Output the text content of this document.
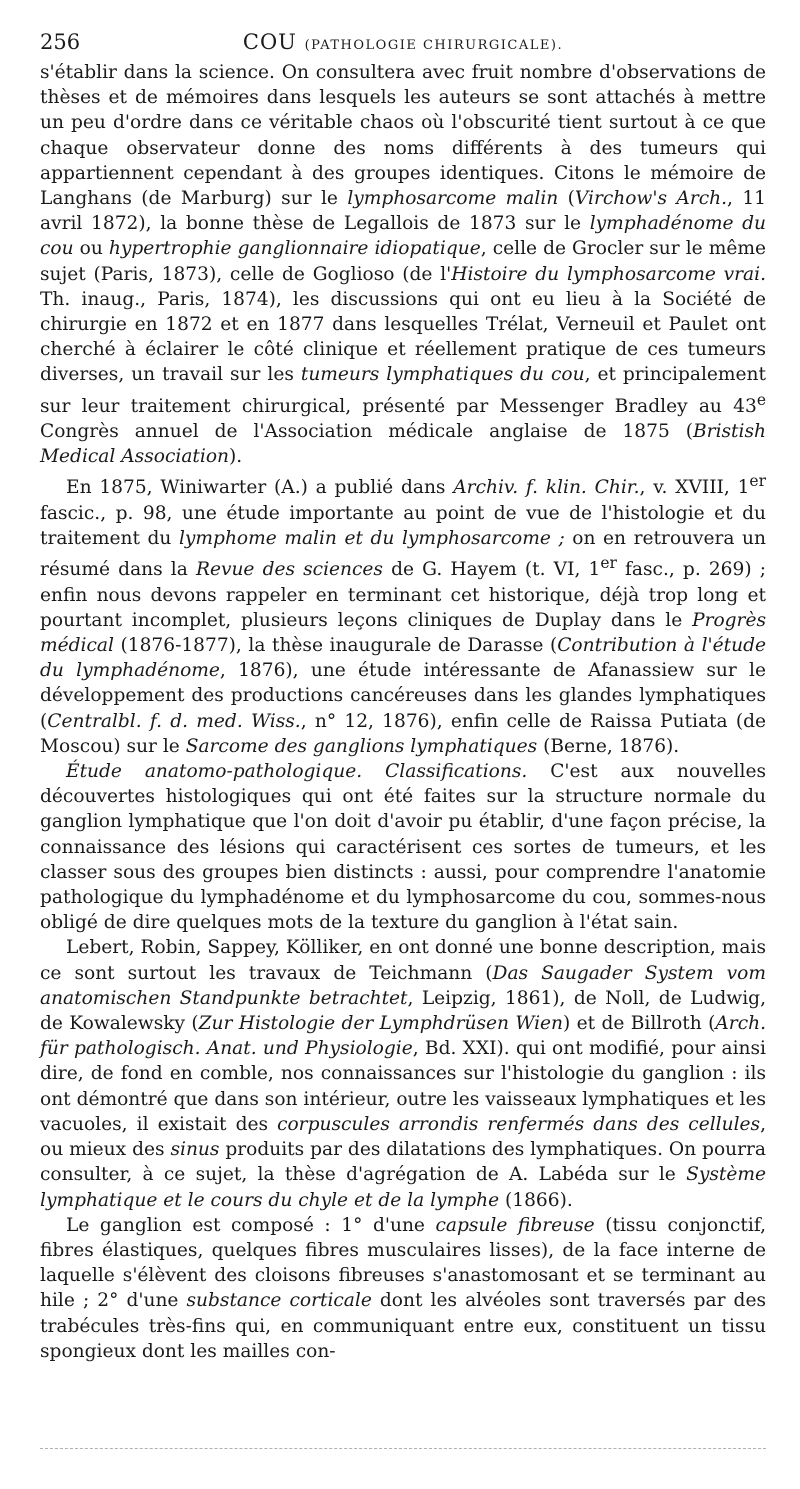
256	COU (PATHOLOGIE CHIRURGICALE).

s'établir dans la science. On consultera avec fruit nombre d'observations de thèses et de mémoires dans lesquels les auteurs se sont attachés à mettre un peu d'ordre dans ce véritable chaos où l'obscurité tient surtout à ce que chaque observateur donne des noms différents à des tumeurs qui appartiennent cependant à des groupes identiques. Citons le mémoire de Langhans (de Marburg) sur le lymphosarcome malin (Virchow's Arch., 11 avril 1872), la bonne thèse de Legallois de 1873 sur le lymphadénome du cou ou hypertrophie ganglionnaire idiopatique, celle de Grocler sur le même sujet (Paris, 1873), celle de Goglioso (de l'Histoire du lymphosarcome vrai. Th. inaug., Paris, 1874), les discussions qui ont eu lieu à la Société de chirurgie en 1872 et en 1877 dans lesquelles Trélat, Verneuil et Paulet ont cherché à éclairer le côté clinique et réellement pratique de ces tumeurs diverses, un travail sur les tumeurs lymphatiques du cou, et principalement sur leur traitement chirurgical, présenté par Messenger Bradley au 43e Congrès annuel de l'Association médicale anglaise de 1875 (Bristish Medical Association).

En 1875, Winiwarter (A.) a publié dans Archiv. f. klin. Chir., v. XVIII, 1er fascic., p. 98, une étude importante au point de vue de l'histologie et du traitement du lymphome malin et du lymphosarcome ; on en retrouvera un résumé dans la Revue des sciences de G. Hayem (t. VI, 1er fasc., p. 269) ; enfin nous devons rappeler en terminant cet historique, déjà trop long et pourtant incomplet, plusieurs leçons cliniques de Duplay dans le Progrès médical (1876-1877), la thèse inaugurale de Darasse (Contribution à l'étude du lymphadénome, 1876), une étude intéressante de Afanassiew sur le développement des productions cancéreuses dans les glandes lymphatiques (Centralbl. f. d. med. Wiss., n° 12, 1876), enfin celle de Raissa Putiata (de Moscou) sur le Sarcome des ganglions lymphatiques (Berne, 1876).

Étude anatomo-pathologique. Classifications. C'est aux nouvelles découvertes histologiques qui ont été faites sur la structure normale du ganglion lymphatique que l'on doit d'avoir pu établir, d'une façon précise, la connaissance des lésions qui caractérisent ces sortes de tumeurs, et les classer sous des groupes bien distincts : aussi, pour comprendre l'anatomie pathologique du lymphadénome et du lymphosarcome du cou, sommes-nous obligé de dire quelques mots de la texture du ganglion à l'état sain.

Lebert, Robin, Sappey, Kölliker, en ont donné une bonne description, mais ce sont surtout les travaux de Teichmann (Das Saugader System vom anatomischen Standpunkte betrachtet, Leipzig, 1861), de Noll, de Ludwig, de Kowalewsky (Zur Histologie der Lymphdrüsen Wien) et de Billroth (Arch. für pathologisch. Anat. und Physiologie, Bd. XXI). qui ont modifié, pour ainsi dire, de fond en comble, nos connaissances sur l'histologie du ganglion : ils ont démontré que dans son intérieur, outre les vaisseaux lymphatiques et les vacuoles, il existait des corpuscules arrondis renfermés dans des cellules, ou mieux des sinus produits par des dilatations des lymphatiques. On pourra consulter, à ce sujet, la thèse d'agrégation de A. Labéda sur le Système lymphatique et le cours du chyle et de la lymphe (1866).

Le ganglion est composé : 1° d'une capsule fibreuse (tissu conjonctif, fibres élastiques, quelques fibres musculaires lisses), de la face interne de laquelle s'élèvent des cloisons fibreuses s'anastomosant et se terminant au hile ; 2° d'une substance corticale dont les alvéoles sont traversés par des trabécules très-fins qui, en communiquant entre eux, constituent un tissu spongieux dont les mailles con-
